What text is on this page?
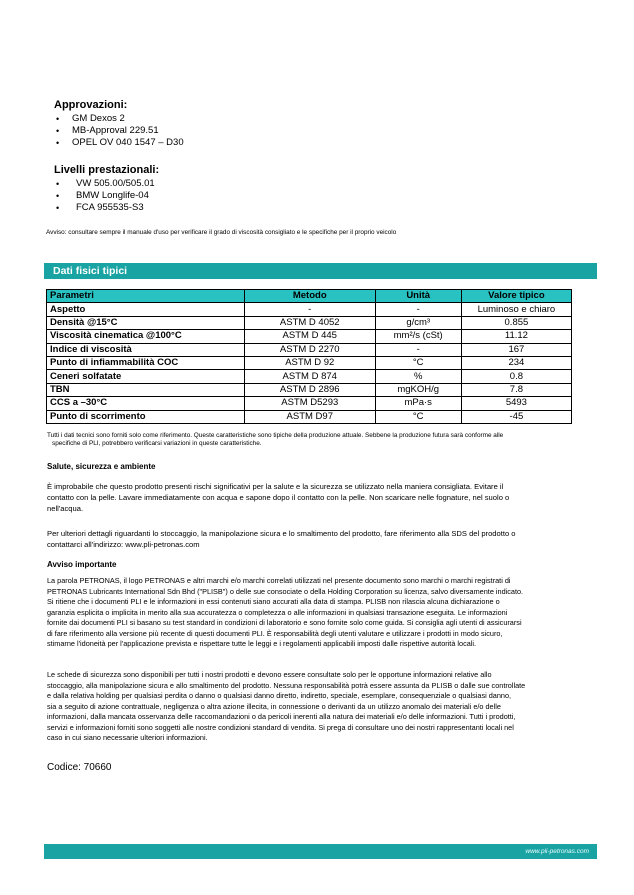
Approvazioni:
• GM Dexos 2
• MB-Approval 229.51
• OPEL OV 040 1547 – D30
Livelli prestazionali:
• VW 505.00/505.01
• BMW Longlife-04
• FCA 955535-S3
Avviso: consultare sempre il manuale d'uso per verificare il grado di viscosità consigliato e le specifiche per il proprio veicolo
Dati fisici tipici
Parametri	Metodo	Unità	Valore tipico
Aspetto	-	-	Luminoso e chiaro
Densità @15°C	ASTM D 4052	g/cm³	0.855
Viscosità cinematica @100°C	ASTM D 445	mm²/s (cSt)	11.12
Indice di viscosità	ASTM D 2270	-	167
Punto di infiammabilità COC	ASTM D 92	°C	234
Ceneri solfatate	ASTM D 874	%	0.8
TBN	ASTM D 2896	mgKOH/g	7.8
CCS a –30°C	ASTM D5293	mPa·s	5493
Punto di scorrimento	ASTM D97	°C	-45
Tutti i dati tecnici sono forniti solo come riferimento. Queste caratteristiche sono tipiche della produzione attuale. Sebbene la produzione futura sarà conforme alle
specifiche di PLI, potrebbero verificarsi variazioni in queste caratteristiche.
Salute, sicurezza e ambiente
È improbabile che questo prodotto presenti rischi significativi per la salute e la sicurezza se utilizzato nella maniera consigliata. Evitare il
contatto con la pelle. Lavare immediatamente con acqua e sapone dopo il contatto con la pelle. Non scaricare nelle fognature, nel suolo o
nell'acqua.
Per ulteriori dettagli riguardanti lo stoccaggio, la manipolazione sicura e lo smaltimento del prodotto, fare riferimento alla SDS del prodotto o
contattarci all'indirizzo: www.pli-petronas.com
Avviso importante
La parola PETRONAS, il logo PETRONAS e altri marchi e/o marchi correlati utilizzati nel presente documento sono marchi o marchi registrati di
PETRONAS Lubricants International Sdn Bhd ("PLISB") o delle sue consociate o della Holding Corporation su licenza, salvo diversamente indicato.
Si ritiene che i documenti PLI e le informazioni in essi contenuti siano accurati alla data di stampa. PLISB non rilascia alcuna dichiarazione o
garanzia esplicita o implicita in merito alla sua accuratezza o completezza o alle informazioni in qualsiasi transazione eseguita. Le informazioni
fornite dai documenti PLI si basano su test standard in condizioni di laboratorio e sono fornite solo come guida. Si consiglia agli utenti di assicurarsi
di fare riferimento alla versione più recente di questi documenti PLI. È responsabilità degli utenti valutare e utilizzare i prodotti in modo sicuro,
stimarne l'idoneità per l'applicazione prevista e rispettare tutte le leggi e i regolamenti applicabili imposti dalle rispettive autorità locali.
Le schede di sicurezza sono disponibili per tutti i nostri prodotti e devono essere consultate solo per le opportune informazioni relative allo
stoccaggio, alla manipolazione sicura e allo smaltimento del prodotto. Nessuna responsabilità potrà essere assunta da PLISB o dalle sue controllate
e dalla relativa holding per qualsiasi perdita o danno o qualsiasi danno diretto, indiretto, speciale, esemplare, consequenziale o qualsiasi danno,
sia a seguito di azione contrattuale, negligenza o altra azione illecita, in connessione o derivanti da un utilizzo anomalo dei materiali e/o delle
informazioni, dalla mancata osservanza delle raccomandazioni o da pericoli inerenti alla natura dei materiali e/o delle informazioni. Tutti i prodotti,
servizi e informazioni forniti sono soggetti alle nostre condizioni standard di vendita. Si prega di consultare uno dei nostri rappresentanti locali nel
caso in cui siano necessarie ulteriori informazioni.
Codice: 70660
www.pli-petronas.com
